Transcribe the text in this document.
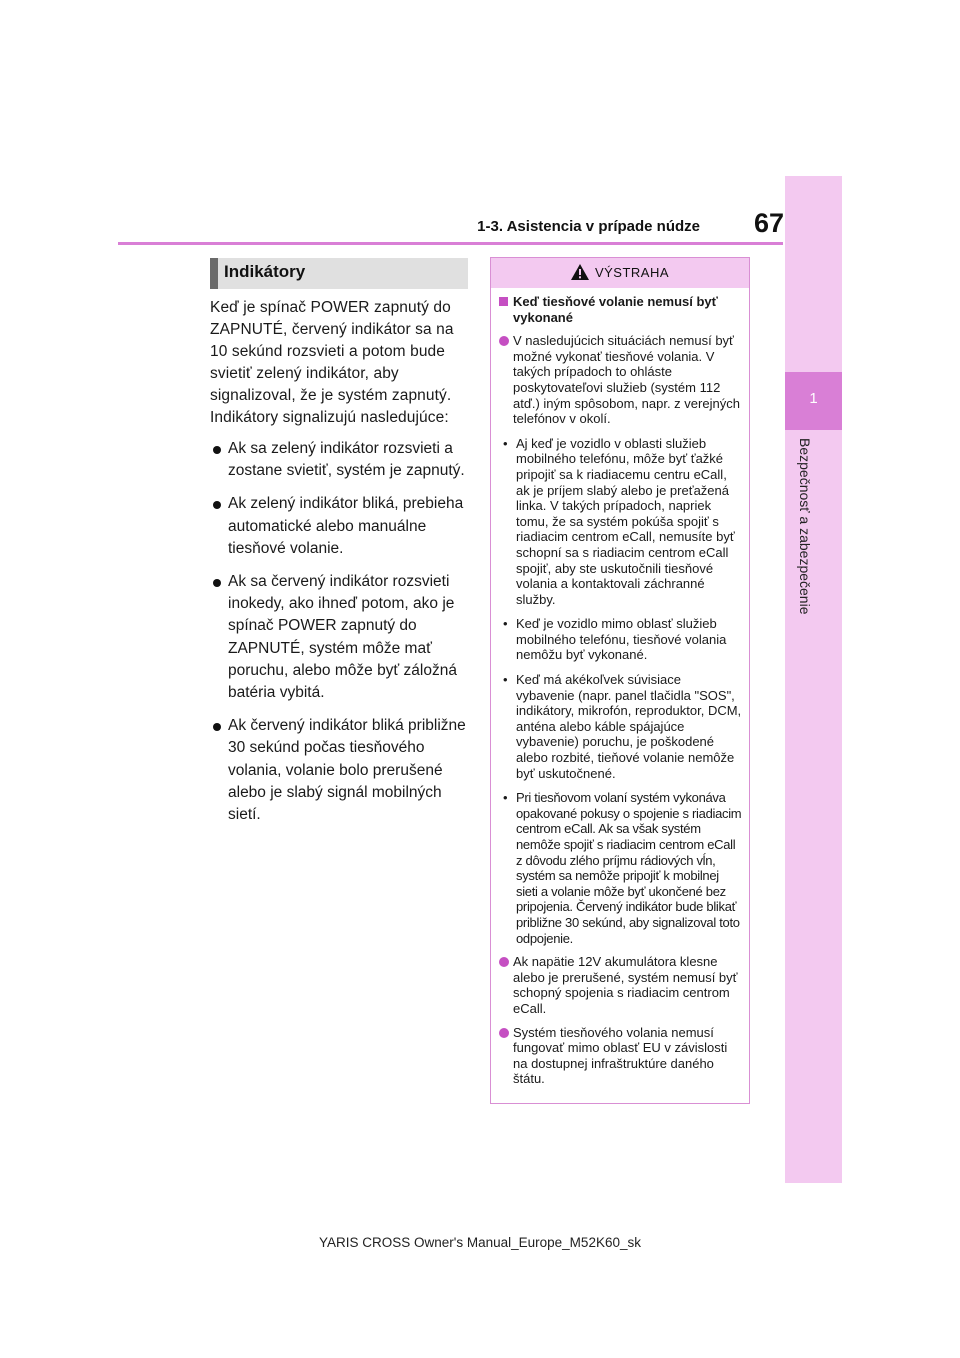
1-3. Asistencia v prípade núdze	67
1
Bezpečnosť a zabezpečenie
Indikátory

Keď je spínač POWER zapnutý do ZAPNUTÉ, červený indikátor sa na 10 sekúnd rozsvieti a potom bude svietiť zelený indikátor, aby signalizoval, že je systém zapnutý. Indikátory signalizujú nasledujúce:

Ak sa zelený indikátor rozsvieti a zostane svietiť, systém je zapnutý.
Ak zelený indikátor bliká, prebieha automatické alebo manuálne tiesňové volanie.
Ak sa červený indikátor rozsvieti inokedy, ako ihneď potom, ako je spínač POWER zapnutý do ZAPNUTÉ, systém môže mať poruchu, alebo môže byť záložná batéria vybitá.
Ak červený indikátor bliká približne 30 sekúnd počas tiesňového volania, volanie bolo prerušené alebo je slabý signál mobilných sietí.
VÝSTRAHA
Keď tiesňové volanie nemusí byť vykonané
V nasledujúcich situáciách nemusí byť možné vykonať tiesňové volania. V takých prípadoch to ohláste poskytovateľovi služieb (systém 112 atď.) iným spôsobom, napr. z verejných telefónov v okolí.
• Aj keď je vozidlo v oblasti služieb mobilného telefónu, môže byť ťažké pripojiť sa k riadiacemu centru eCall, ak je príjem slabý alebo je preťažená linka. V takých prípadoch, napriek tomu, že sa systém pokúša spojiť s riadiacim centrom eCall, nemusíte byť schopní sa s riadiacim centrom eCall spojiť, aby ste uskutočnili tiesňové volania a kontaktovali záchranné služby.
• Keď je vozidlo mimo oblasť služieb mobilného telefónu, tiesňové volania nemôžu byť vykonané.
• Keď má akékoľvek súvisiace vybavenie (napr. panel tlačidla "SOS", indikátory, mikrofón, reproduktor, DCM, anténa alebo káble spájajúce vybavenie) poruchu, je poškodené alebo rozbité, tieňové volanie nemôže byť uskutočnené.
• Pri tiesňovom volaní systém vykonáva opakované pokusy o spojenie s riadiacim centrom eCall. Ak sa však systém nemôže spojiť s riadiacim centrom eCall z dôvodu zlého príjmu rádiových vĺn, systém sa nemôže pripojiť k mobilnej sieti a volanie môže byť ukončené bez pripojenia. Červený indikátor bude blikať približne 30 sekúnd, aby signalizoval toto odpojenie.
Ak napätie 12V akumulátora klesne alebo je prerušené, systém nemusí byť schopný spojenia s riadiacim centrom eCall.
Systém tiesňového volania nemusí fungovať mimo oblasť EU v závislosti na dostupnej infraštruktúre daného štátu.
YARIS CROSS Owner's Manual_Europe_M52K60_sk
